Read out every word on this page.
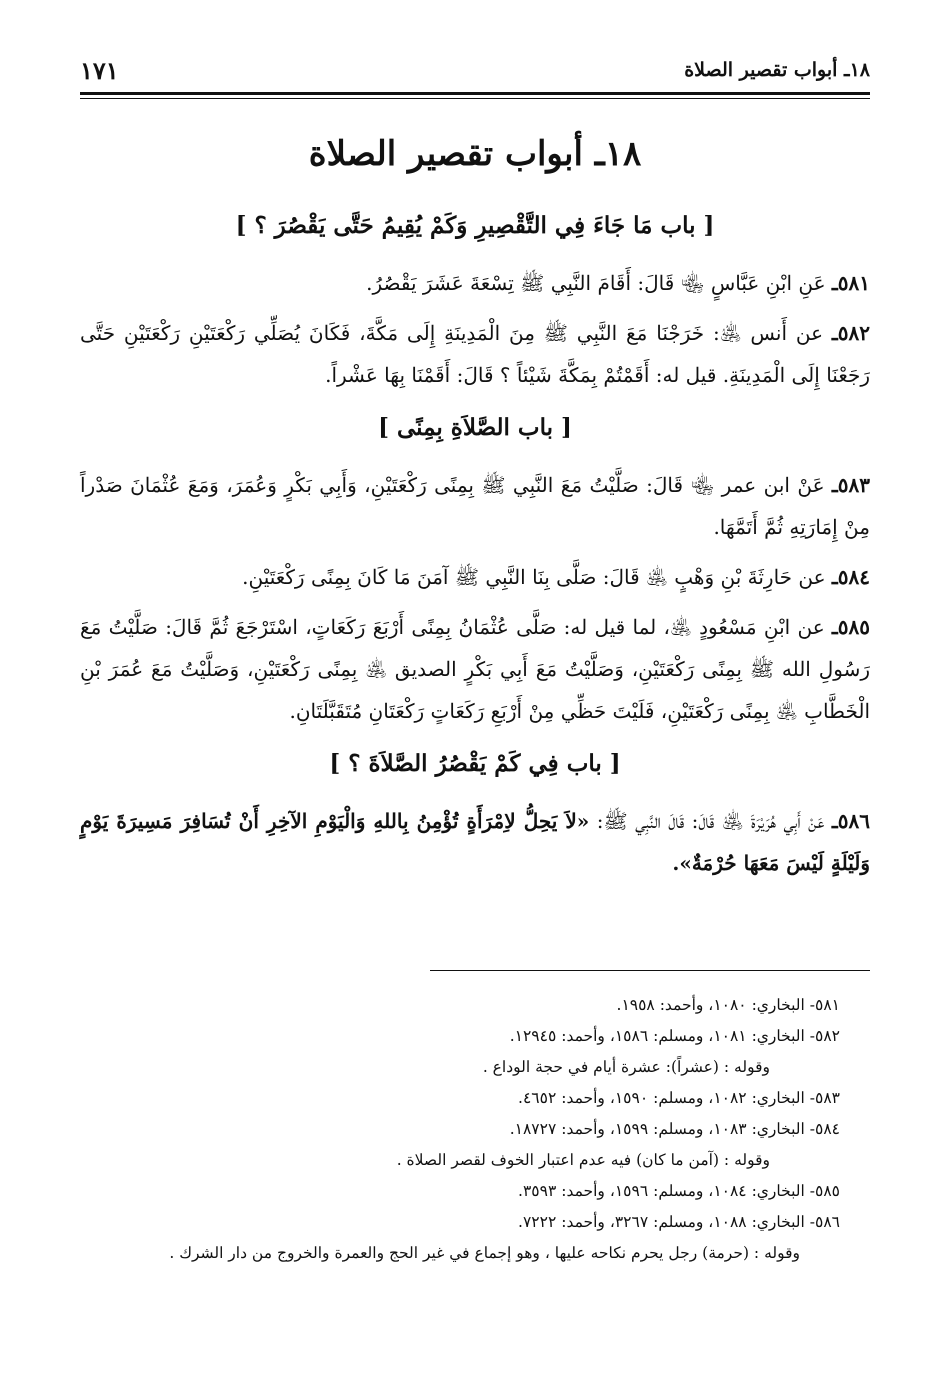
١٧١	١٨ـ أبواب تقصير الصلاة
١٨ـ أبواب تقصير الصلاة
[ باب مَا جَاءَ فِي التَّقْصِيرِ وَكَمْ يُقِيمُ حَتَّى يَقْصُرَ ؟ ]

٥٨١ـ عَنِ ابْنِ عَبَّاسٍ ﵄ قَالَ: أَقَامَ النَّبِي ﷺ تِسْعَةَ عَشَرَ يَقْصُرُ.

٥٨٢ـ عن أَنس ﵁: خَرَجْنَا مَعَ النَّبِي ﷺ مِنَ الْمَدِينَةِ إِلَى مَكَّةَ، فَكَانَ يُصَلِّي رَكْعَتَيْنِ رَكْعَتَيْنِ حَتَّى رَجَعْنَا إِلَى الْمَدِينَةِ. قيل له: أَقَمْتُمْ بِمَكَّةَ شَيْئاً ؟ قَالَ: أَقَمْنَا بِهَا عَشْراً.

[ باب الصَّلاَةِ بِمِنًى ]

٥٨٣ـ عَنْ ابن عمر ﵄ قَالَ: صَلَّيْتُ مَعَ النَّبِي ﷺ بِمِنًى رَكْعَتَيْنِ، وَأَبِي بَكْرٍ وَعُمَرَ، وَمَعَ عُثْمَانَ صَدْراً مِنْ إِمَارَتِهِ ثُمَّ أَتَمَّهَا.

٥٨٤ـ عن حَارِثَةَ بْنِ وَهْبٍ ﵁ قَالَ: صَلَّى بِنَا النَّبِي ﷺ آمَنَ مَا كَانَ بِمِنًى رَكْعَتَيْنِ.

٥٨٥ـ عن ابْنِ مَسْعُودٍ ﵁، لما قيل له: صَلَّى عُثْمَانُ بِمِنًى أَرْبَعَ رَكَعَاتٍ، اسْتَرْجَعَ ثُمَّ قَالَ: صَلَّيْتُ مَعَ رَسُولِ الله ﷺ بِمِنًى رَكْعَتَيْنِ، وَصَلَّيْتُ مَعَ أَبِي بَكْرٍ الصديق ﵁ بِمِنًى رَكْعَتَيْنِ، وَصَلَّيْتُ مَعَ عُمَرَ بْنِ الْخَطَّابِ ﵁ بِمِنًى رَكْعَتَيْنِ، فَلَيْتَ حَظِّي مِنْ أَرْبَعِ رَكَعَاتٍ رَكْعَتَانِ مُتَقَبَّلَتَانِ.

[ باب فِي كَمْ يَقْصُرُ الصَّلاَةَ ؟ ]

٥٨٦ـ عَنْ أَبِي هُرَيْرَةَ ﵁ قَالَ: قَالَ النَّبِي ﷺ: «لاَ يَحِلُّ لاِمْرَأَةٍ تُؤْمِنُ بِاللهِ وَالْيَوْمِ الآخِرِ أَنْ تُسَافِرَ مَسِيرَةَ يَوْمٍ وَلَيْلَةٍ لَيْسَ مَعَهَا حُرْمَةٌ».

٥٨١- البخاري: ١٠٨٠، وأحمد: ١٩٥٨.

٥٨٢- البخاري: ١٠٨١، ومسلم: ١٥٨٦، وأحمد: ١٢٩٤٥.

وقوله : (عشراً): عشرة أيام في حجة الوداع .

٥٨٣- البخاري: ١٠٨٢، ومسلم: ١٥٩٠، وأحمد: ٤٦٥٢.

٥٨٤- البخاري: ١٠٨٣، ومسلم: ١٥٩٩، وأحمد: ١٨٧٢٧.

وقوله : (آمن ما كان) فيه عدم اعتبار الخوف لقصر الصلاة .

٥٨٥- البخاري: ١٠٨٤، ومسلم: ١٥٩٦، وأحمد: ٣٥٩٣.

٥٨٦- البخاري: ١٠٨٨، ومسلم: ٣٢٦٧، وأحمد: ٧٢٢٢.

وقوله : (حرمة) رجل يحرم نكاحه عليها ، وهو إجماع في غير الحج والعمرة والخروج من دار الشرك .
